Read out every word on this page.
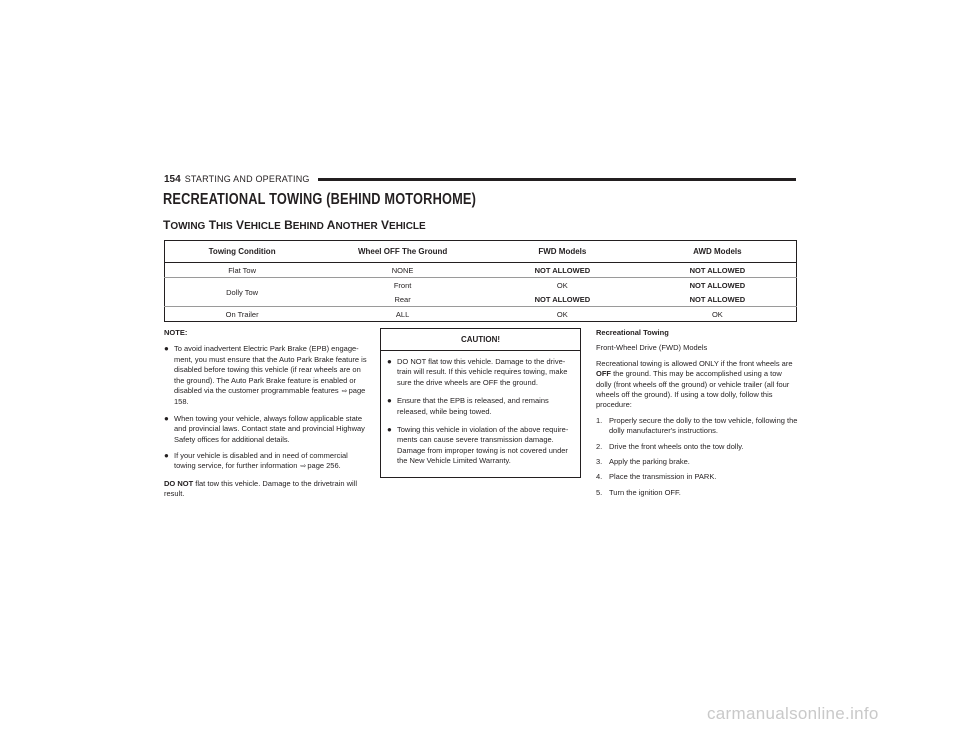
154 STARTING AND OPERATING
RECREATIONAL TOWING (BEHIND MOTORHOME)
TOWING THIS VEHICLE BEHIND ANOTHER VEHICLE
Towing Condition	Wheel OFF The Ground	FWD Models	AWD Models
Flat Tow	NONE	NOT ALLOWED	NOT ALLOWED
Dolly Tow	Front	OK	NOT ALLOWED
	Rear	NOT ALLOWED	NOT ALLOWED
On Trailer	ALL	OK	OK
NOTE:
● To avoid inadvertent Electric Park Brake (EPB) engage-ment, you must ensure that the Auto Park Brake feature is disabled before towing this vehicle (if rear wheels are on the ground). The Auto Park Brake feature is enabled or disabled via the customer programmable features ⇨page 158.
● When towing your vehicle, always follow applicable state and provincial laws. Contact state and provincial Highway Safety offices for additional details.
● If your vehicle is disabled and in need of commercial towing service, for further information ⇨page 256.
DO NOT flat tow this vehicle. Damage to the drivetrain will result.
CAUTION!
● DO NOT flat tow this vehicle. Damage to the drive-train will result. If this vehicle requires towing, make sure the drive wheels are OFF the ground.
● Ensure that the EPB is released, and remains released, while being towed.
● Towing this vehicle in violation of the above require-ments can cause severe transmission damage. Damage from improper towing is not covered under the New Vehicle Limited Warranty.
Recreational Towing
Front-Wheel Drive (FWD) Models
Recreational towing is allowed ONLY if the front wheels are OFF the ground. This may be accomplished using a tow dolly (front wheels off the ground) or vehicle trailer (all four wheels off the ground). If using a tow dolly, follow this procedure:
1. Properly secure the dolly to the tow vehicle, following the dolly manufacturer's instructions.
2. Drive the front wheels onto the tow dolly.
3. Apply the parking brake.
4. Place the transmission in PARK.
5. Turn the ignition OFF.
carmanualsonline.info
